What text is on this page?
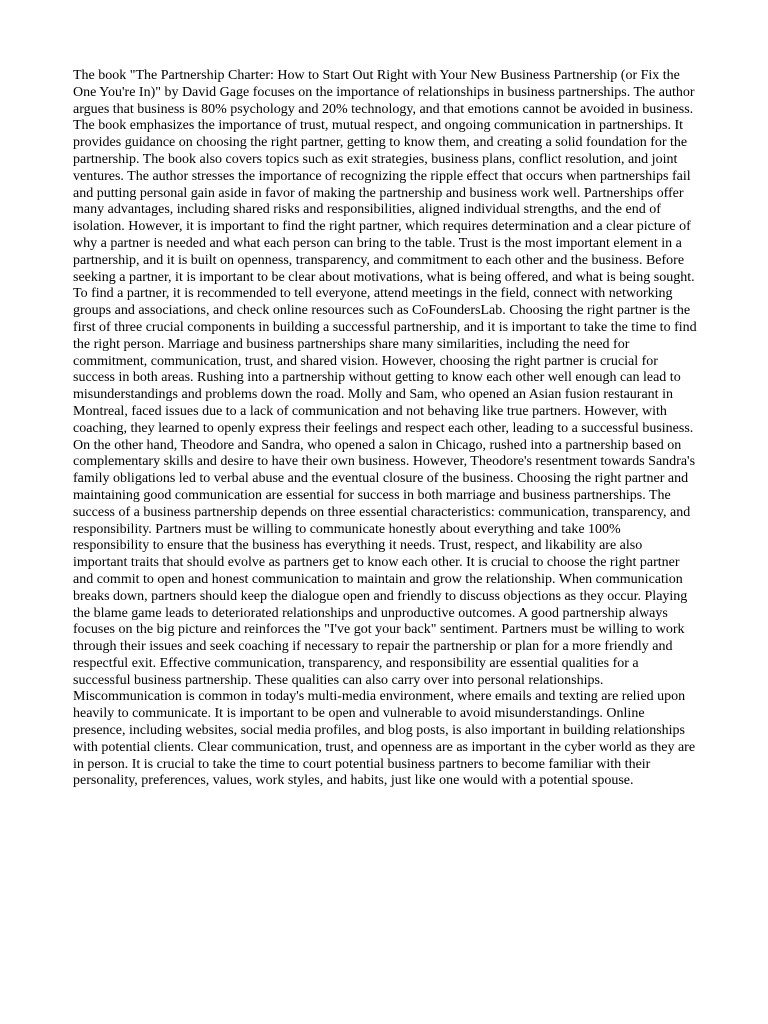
The book "The Partnership Charter: How to Start Out Right with Your New Business Partnership (or Fix the One You're In)" by David Gage focuses on the importance of relationships in business partnerships. The author argues that business is 80% psychology and 20% technology, and that emotions cannot be avoided in business. The book emphasizes the importance of trust, mutual respect, and ongoing communication in partnerships. It provides guidance on choosing the right partner, getting to know them, and creating a solid foundation for the partnership. The book also covers topics such as exit strategies, business plans, conflict resolution, and joint ventures. The author stresses the importance of recognizing the ripple effect that occurs when partnerships fail and putting personal gain aside in favor of making the partnership and business work well. Partnerships offer many advantages, including shared risks and responsibilities, aligned individual strengths, and the end of isolation. However, it is important to find the right partner, which requires determination and a clear picture of why a partner is needed and what each person can bring to the table. Trust is the most important element in a partnership, and it is built on openness, transparency, and commitment to each other and the business. Before seeking a partner, it is important to be clear about motivations, what is being offered, and what is being sought. To find a partner, it is recommended to tell everyone, attend meetings in the field, connect with networking groups and associations, and check online resources such as CoFoundersLab. Choosing the right partner is the first of three crucial components in building a successful partnership, and it is important to take the time to find the right person. Marriage and business partnerships share many similarities, including the need for commitment, communication, trust, and shared vision. However, choosing the right partner is crucial for success in both areas. Rushing into a partnership without getting to know each other well enough can lead to misunderstandings and problems down the road. Molly and Sam, who opened an Asian fusion restaurant in Montreal, faced issues due to a lack of communication and not behaving like true partners. However, with coaching, they learned to openly express their feelings and respect each other, leading to a successful business. On the other hand, Theodore and Sandra, who opened a salon in Chicago, rushed into a partnership based on complementary skills and desire to have their own business. However, Theodore's resentment towards Sandra's family obligations led to verbal abuse and the eventual closure of the business. Choosing the right partner and maintaining good communication are essential for success in both marriage and business partnerships. The success of a business partnership depends on three essential characteristics: communication, transparency, and responsibility. Partners must be willing to communicate honestly about everything and take 100% responsibility to ensure that the business has everything it needs. Trust, respect, and likability are also important traits that should evolve as partners get to know each other. It is crucial to choose the right partner and commit to open and honest communication to maintain and grow the relationship. When communication breaks down, partners should keep the dialogue open and friendly to discuss objections as they occur. Playing the blame game leads to deteriorated relationships and unproductive outcomes. A good partnership always focuses on the big picture and reinforces the "I've got your back" sentiment. Partners must be willing to work through their issues and seek coaching if necessary to repair the partnership or plan for a more friendly and respectful exit. Effective communication, transparency, and responsibility are essential qualities for a successful business partnership. These qualities can also carry over into personal relationships. Miscommunication is common in today's multi-media environment, where emails and texting are relied upon heavily to communicate. It is important to be open and vulnerable to avoid misunderstandings. Online presence, including websites, social media profiles, and blog posts, is also important in building relationships with potential clients. Clear communication, trust, and openness are as important in the cyber world as they are in person. It is crucial to take the time to court potential business partners to become familiar with their personality, preferences, values, work styles, and habits, just like one would with a potential spouse.
